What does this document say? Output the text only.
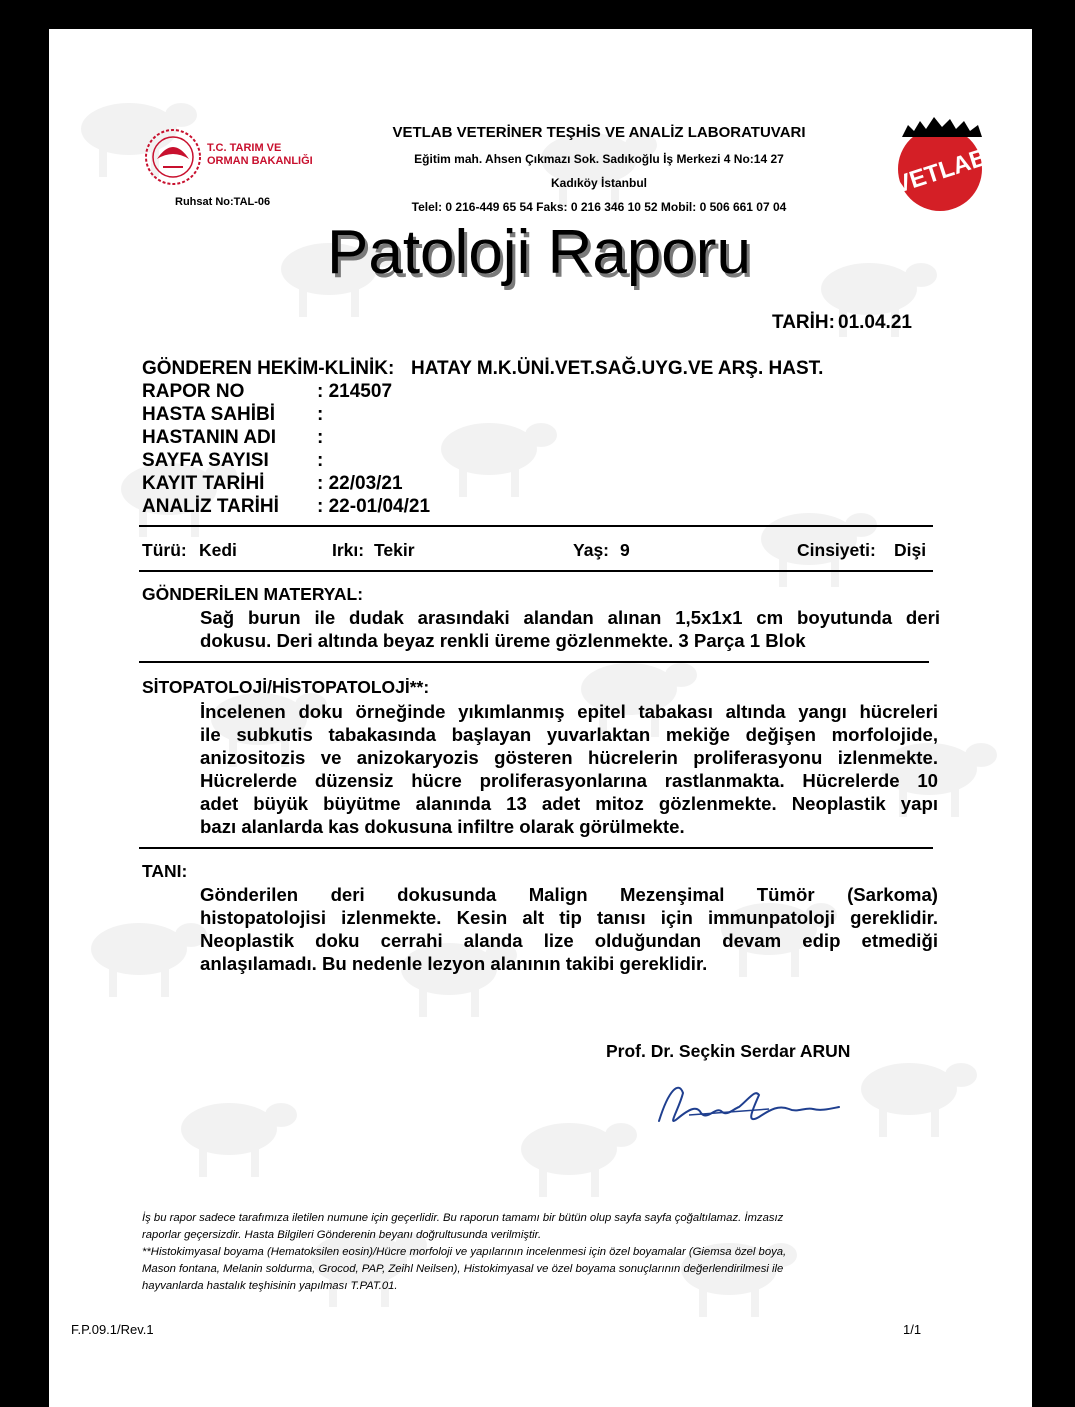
T.C. TARIM VE
ORMAN BAKANLIĞI
Ruhsat No:TAL-06
VETLAB VETERİNER TEŞHİS VE ANALİZ LABORATUVARI
Eğitim mah. Ahsen Çıkmazı Sok. Sadıkoğlu İş Merkezi 4 No:14 27
Kadıköy İstanbul
Telel: 0 216-449 65 54 Faks: 0 216 346 10 52 Mobil: 0 506 661 07 04
VETLAB
Patoloji Raporu
TARİH: 01.04.21
GÖNDEREN HEKİM-KLİNİK: HATAY M.K.ÜNİ.VET.SAĞ.UYG.VE ARŞ. HAST.
RAPOR NO	: 214507
HASTA SAHİBİ :
HASTANIN ADI :
SAYFA SAYISI	:
KAYIT TARİHİ	: 22/03/21
ANALİZ TARİHİ : 22-01/04/21
Türü: Kedi	Irkı: Tekir	Yaş: 9	Cinsiyeti: Dişi
GÖNDERİLEN MATERYAL:
Sağ burun ile dudak arasındaki alandan alınan 1,5x1x1 cm boyutunda deri
dokusu. Deri altında beyaz renkli üreme gözlenmekte. 3 Parça 1 Blok
SİTOPATOLOJİ/HİSTOPATOLOJİ**:
İncelenen doku örneğinde yıkımlanmış epitel tabakası altında yangı hücreleri
ile subkutis tabakasında başlayan yuvarlaktan mekiğe değişen morfolojide,
anizositozis ve anizokaryozis gösteren hücrelerin proliferasyonu izlenmekte.
Hücrelerde düzensiz hücre proliferasyonlarına rastlanmakta. Hücrelerde 10
adet büyük büyütme alanında 13 adet mitoz gözlenmekte. Neoplastik yapı
bazı alanlarda kas dokusuna infiltre olarak görülmekte.
TANI:
Gönderilen deri dokusunda Malign Mezenşimal Tümör (Sarkoma)
histopatolojisi izlenmekte. Kesin alt tip tanısı için immunpatoloji gereklidir.
Neoplastik doku cerrahi alanda lize olduğundan devam edip etmediği
anlaşılamadı. Bu nedenle lezyon alanının takibi gereklidir.
Prof. Dr. Seçkin Serdar ARUN
İş bu rapor sadece tarafımıza iletilen numune için geçerlidir. Bu raporun tamamı bir bütün olup sayfa sayfa çoğaltılamaz. İmzasız
raporlar geçersizdir. Hasta Bilgileri Gönderenin beyanı doğrultusunda verilmiştir.
**Histokimyasal boyama (Hematoksilen eosin)/Hücre morfoloji ve yapılarının incelenmesi için özel boyamalar (Giemsa özel boya,
Mason fontana, Melanin soldurma, Grocod, PAP, Zeihl Neilsen), Histokimyasal ve özel boyama sonuçlarının değerlendirilmesi ile
hayvanlarda hastalık teşhisinin yapılması T.PAT.01.
F.P.09.1/Rev.1	1/1
